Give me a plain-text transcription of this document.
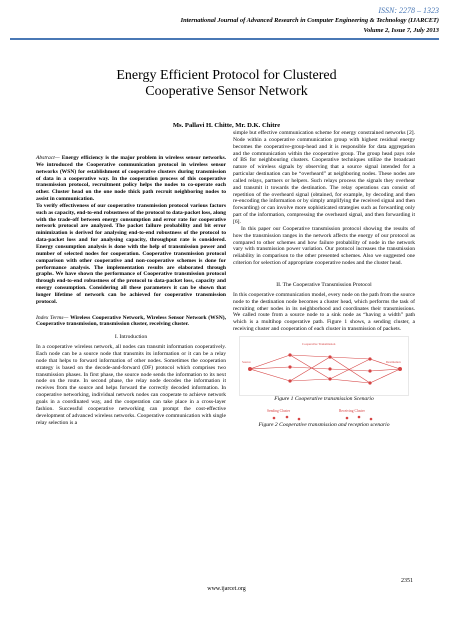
ISSN: 2278 – 1323
International Journal of Advanced Research in Computer Engineering & Technology (IJARCET)
Volume 2, Issue 7, July 2013
Energy Efficient Protocol for Clustered
Cooperative Sensor Network
Ms. Pallavi H. Chitte, Mr. D.K. Chitre

Abstract— Energy efficiency is the major problem in wireless sensor networks. We introduced the Cooperative communication protocol in wireless sensor networks (WSN) for establishment of cooperative clusters during transmission of data in a cooperative way. In the cooperation process of this cooperative transmission protocol, recruitment policy helps the nodes to co-operate each other. Cluster head on the one node thick path recruit neighboring nodes to assist in communication.

To verify effectiveness of our cooperative transmission protocol various factors such as capacity, end-to-end robustness of the protocol to data-packet loss, along with the trade-off between energy consumption and error rate for cooperative network protocol are analyzed. The packet failure probability and bit error minimization is derived for analysing end-to-end robustness of the protocol to data-packet loss and for analysing capacity, throughput rate is considered. Energy consumption analysis is done with the help of transmission power and number of selected nodes for cooperation. Cooperative transmission protocol comparison with other cooperative and non-cooperative schemes is done for performance analysis. The implementation results are elaborated through graphs. We have shown the performance of Cooperative transmission protocol through end-to-end robustness of the protocol to data-packet loss, capacity and energy consumption. Considering all these parameters it can be shown that longer lifetime of network can be achieved for cooperative transmission protocol.

Index Terms— Wireless Cooperative Network, Wireless Sensor Network (WSN), Cooperative transmission, transmission cluster, receiving cluster.

I. Introduction

In a cooperative wireless network, all nodes can transmit information cooperatively. Each node can be a source node that transmits its information or it can be a relay node that helps to forward information of other nodes. Sometimes the cooperation strategy is based on the decode-and-forward (DF) protocol which comprises two transmission phases. In first phase, the source node sends the information to its next node on the route. In second phase, the relay node decodes the information it receives from the source and helps forward the correctly decoded information. In cooperative networking, individual network nodes can cooperate to achieve network goals in a coordinated way, and the cooperation can take place in a cross-layer fashion. Successful cooperative networking can prompt the cost-effective development of advanced wireless networks. Cooperative communication with single relay selection is a

simple but effective communication scheme for energy constrained networks [2]. Node within a cooperative communication group with highest residual energy becomes the cooperative-group-head and it is responsible for data aggregation and the communication within the cooperative group. The group head pays role of BS for neighbouring clusters. Cooperative techniques utilize the broadcast nature of wireless signals by observing that a source signal intended for a particular destination can be “overheard” at neighboring nodes. These nodes are called relays, partners or helpers. Such relays process the signals they overhear and transmit it towards the destination. The relay operations can consist of repetition of the overheard signal (obtained, for example, by decoding and then re-encoding the information or by simply amplifying the received signal and then forwarding) or can involve more sophisticated strategies such as forwarding only part of the information, compressing the overheard signal, and then forwarding it [6].

In this paper our Cooperative transmission protocol showing the results of how the transmission ranges in the network affects the energy of our protocol as compared to other schemes and how failure probability of node in the network vary with transmission power variation. Our protocol increases the transmission reliability in comparison to the other presented schemes. Also we suggested one criterion for selection of appropriate cooperative nodes and the cluster head.

II. The Cooperative Transmission Protocol

In this cooperative communication model, every node on the path from the source node to the destination node becomes a cluster head, which performs the task of recruiting other nodes in its neighborhood and coordinates their transmissions. We called route from a source node to a sink node as “having a width” path which is a multihop cooperative path. Figure 1 shows, a sending cluster, a receiving cluster and cooperation of each cluster in transmission of packets.

Source
Cooperative Transmission
Destination
Figure 1 Cooperative transmission Scenario
Sending Cluster	Receiving Cluster
Figure 2 Cooperative transmission and reception scenario
2351
www.ijarcet.org
